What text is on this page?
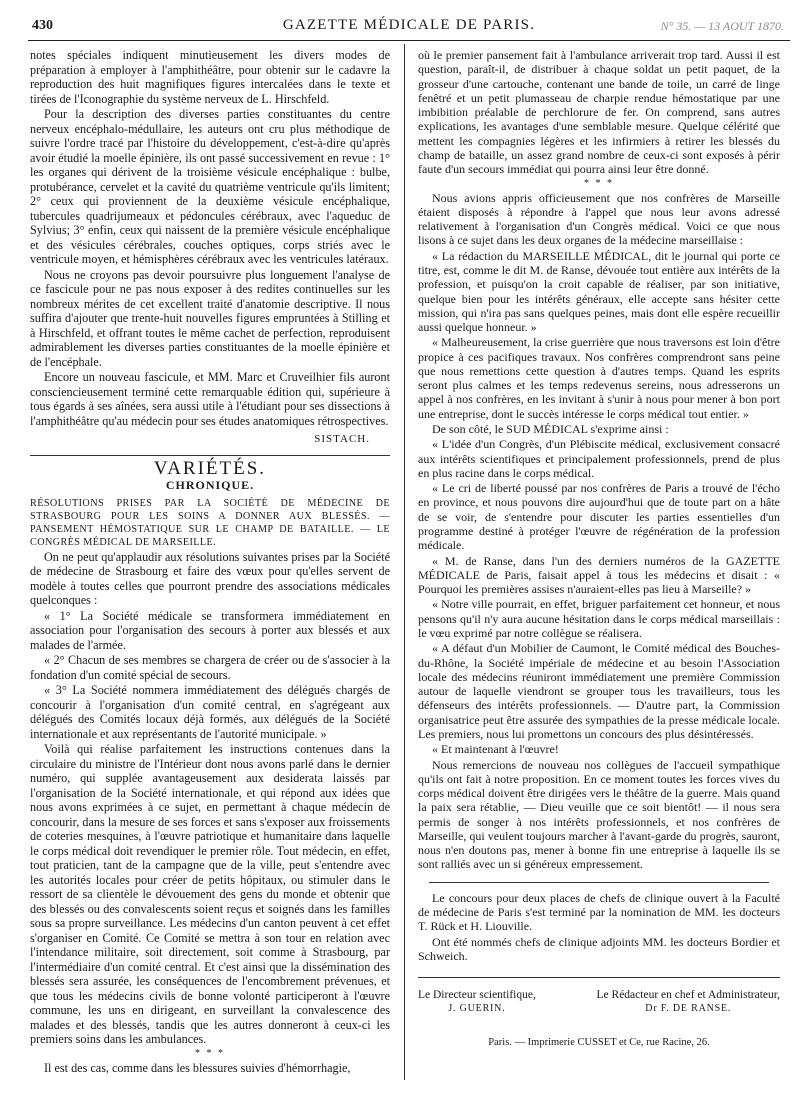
430	GAZETTE MÉDICALE DE PARIS.	N° 35. — 13 AOUT 1870.

notes spéciales indiquent minutieusement les divers modes de préparation à employer à l'amphithéâtre, pour obtenir sur le cadavre la reproduction des huit magnifiques figures intercalées dans le texte et tirées de l'Iconographie du système nerveux de L. Hirschfeld.

Pour la description des diverses parties constituantes du centre nerveux encéphalo-médullaire, les auteurs ont cru plus méthodique de suivre l'ordre tracé par l'histoire du développement, c'est-à-dire qu'après avoir étudié la moelle épinière, ils ont passé successivement en revue : 1° les organes qui dérivent de la troisième vésicule encéphalique : bulbe, protubérance, cervelet et la cavité du quatrième ventricule qu'ils limitent; 2° ceux qui proviennent de la deuxième vésicule encéphalique, tubercules quadrijumeaux et pédoncules cérébraux, avec l'aqueduc de Sylvius; 3° enfin, ceux qui naissent de la première vésicule encéphalique et des vésicules cérébrales, couches optiques, corps striés avec le ventricule moyen, et hémisphères cérébraux avec les ventricules latéraux.

Nous ne croyons pas devoir poursuivre plus longuement l'analyse de ce fascicule pour ne pas nous exposer à des redites continuelles sur les nombreux mérites de cet excellent traité d'anatomie descriptive. Il nous suffira d'ajouter que trente-huit nouvelles figures empruntées à Stilling et à Hirschfeld, et offrant toutes le même cachet de perfection, reproduisent admirablement les diverses parties constituantes de la moelle épinière et de l'encéphale.

Encore un nouveau fascicule, et MM. Marc et Cruveilhier fils auront consciencieusement terminé cette remarquable édition qui, supérieure à tous égards à ses aînées, sera aussi utile à l'étudiant pour ses dissections à l'amphithéâtre qu'au médecin pour ses études anatomiques rétrospectives.

SISTACH.
VARIÉTÉS.
CHRONIQUE.

RÉSOLUTIONS PRISES PAR LA SOCIÉTÉ DE MÉDECINE DE STRASBOURG POUR LES SOINS A DONNER AUX BLESSÉS. — PANSEMENT HÉMOSTATIQUE SUR LE CHAMP DE BATAILLE. — LE CONGRÈS MÉDICAL DE MARSEILLE.

On ne peut qu'applaudir aux résolutions suivantes prises par la Société de médecine de Strasbourg et faire des vœux pour qu'elles servent de modèle à toutes celles que pourront prendre des associations médicales quelconques :

« 1° La Société médicale se transformera immédiatement en association pour l'organisation des secours à porter aux blessés et aux malades de l'armée.

« 2° Chacun de ses membres se chargera de créer ou de s'associer à la fondation d'un comité spécial de secours.

« 3° La Société nommera immédiatement des délégués chargés de concourir à l'organisation d'un comité central, en s'agrégeant aux délégués des Comités locaux déjà formés, aux délégués de la Société internationale et aux représentants de l'autorité municipale. »

Voilà qui réalise parfaitement les instructions contenues dans la circulaire du ministre de l'Intérieur dont nous avons parlé dans le dernier numéro, qui supplée avantageusement aux desiderata laissés par l'organisation de la Société internationale, et qui répond aux idées que nous avons exprimées à ce sujet, en permettant à chaque médecin de concourir, dans la mesure de ses forces et sans s'exposer aux froissements de coteries mesquines, à l'œuvre patriotique et humanitaire dans laquelle le corps médical doit revendiquer le premier rôle. Tout médecin, en effet, tout praticien, tant de la campagne que de la ville, peut s'entendre avec les autorités locales pour créer de petits hôpitaux, ou stimuler dans le ressort de sa clientèle le dévouement des gens du monde et obtenir que des blessés ou des convalescents soient reçus et soignés dans les familles sous sa propre surveillance. Les médecins d'un canton peuvent à cet effet s'organiser en Comité. Ce Comité se mettra à son tour en relation avec l'intendance militaire, soit directement, soit comme à Strasbourg, par l'intermédiaire d'un comité central. Et c'est ainsi que la dissémination des blessés sera assurée, les conséquences de l'encombrement prévenues, et que tous les médecins civils de bonne volonté participeront à l'œuvre commune, les uns en dirigeant, en surveillant la convalescence des malades et des blessés, tandis que les autres donneront à ceux-ci les premiers soins dans les ambulances.

* * *

Il est des cas, comme dans les blessures suivies d'hémorrhagie,

où le premier pansement fait à l'ambulance arriverait trop tard. Aussi il est question, paraît-il, de distribuer à chaque soldat un petit paquet, de la grosseur d'une cartouche, contenant une bande de toile, un carré de linge fenêtré et un petit plumasseau de charpie rendue hémostatique par une imbibition préalable de perchlorure de fer. On comprend, sans autres explications, les avantages d'une semblable mesure. Quelque célérité que mettent les compagnies légères et les infirmiers à retirer les blessés du champ de bataille, un assez grand nombre de ceux-ci sont exposés à périr faute d'un secours immédiat qui pourra ainsi leur être donné.

* * *

Nous avions appris officieusement que nos confrères de Marseille étaient disposés à répondre à l'appel que nous leur avons adressé relativement à l'organisation d'un Congrès médical. Voici ce que nous lisons à ce sujet dans les deux organes de la médecine marseillaise :

« La rédaction du MARSEILLE MÉDICAL, dit le journal qui porte ce titre, est, comme le dit M. de Ranse, dévouée tout entière aux intérêts de la profession, et puisqu'on la croit capable de réaliser, par son initiative, quelque bien pour les intérêts généraux, elle accepte sans hésiter cette mission, qui n'ira pas sans quelques peines, mais dont elle espère recueillir aussi quelque honneur. »

« Malheureusement, la crise guerrière que nous traversons est loin d'être propice à ces pacifiques travaux. Nos confrères comprendront sans peine que nous remettions cette question à d'autres temps. Quand les esprits seront plus calmes et les temps redevenus sereins, nous adresserons un appel à nos confrères, en les invitant à s'unir à nous pour mener à bon port une entreprise, dont le succès intéresse le corps médical tout entier. »

De son côté, le SUD MÉDICAL s'exprime ainsi :

« L'idée d'un Congrès, d'un Plébiscite médical, exclusivement consacré aux intérêts scientifiques et principalement professionnels, prend de plus en plus racine dans le corps médical.

« Le cri de liberté poussé par nos confrères de Paris a trouvé de l'écho en province, et nous pouvons dire aujourd'hui que de toute part on a hâte de se voir, de s'entendre pour discuter les parties essentielles d'un programme destiné à protéger l'œuvre de régénération de la profession médicale.

« M. de Ranse, dans l'un des derniers numéros de la GAZETTE MÉDICALE de Paris, faisait appel à tous les médecins et disait : « Pourquoi les premières assises n'auraient-elles pas lieu à Marseille? »

« Notre ville pourrait, en effet, briguer parfaitement cet honneur, et nous pensons qu'il n'y aura aucune hésitation dans le corps médical marseillais : le vœu exprimé par notre collègue se réalisera.

« A défaut d'un Mobilier de Caumont, le Comité médical des Bouches-du-Rhône, la Société impériale de médecine et au besoin l'Association locale des médecins réuniront immédiatement une première Commission autour de laquelle viendront se grouper tous les travailleurs, tous les défenseurs des intérêts professionnels. — D'autre part, la Commission organisatrice peut être assurée des sympathies de la presse médicale locale. Les premiers, nous lui promettons un concours des plus désintéressés.

« Et maintenant à l'œuvre!

Nous remercions de nouveau nos collègues de l'accueil sympathique qu'ils ont fait à notre proposition. En ce moment toutes les forces vives du corps médical doivent être dirigées vers le théâtre de la guerre. Mais quand la paix sera rétablie, — Dieu veuille que ce soit bientôt! — il nous sera permis de songer à nos intérêts professionnels, et nos confrères de Marseille, qui veulent toujours marcher à l'avant-garde du progrès, sauront, nous n'en doutons pas, mener à bonne fin une entreprise à laquelle ils se sont ralliés avec un si généreux empressement.

Le concours pour deux places de chefs de clinique ouvert à la Faculté de médecine de Paris s'est terminé par la nomination de MM. les docteurs T. Rück et H. Liouville.

Ont été nommés chefs de clinique adjoints MM. les docteurs Bordier et Schweich.

Le Directeur scientifique,
J. GUERIN.
Le Rédacteur en chef et Administrateur,
Dr F. DE RANSE.
Paris. — Imprimerie CUSSET et Ce, rue Racine, 26.
